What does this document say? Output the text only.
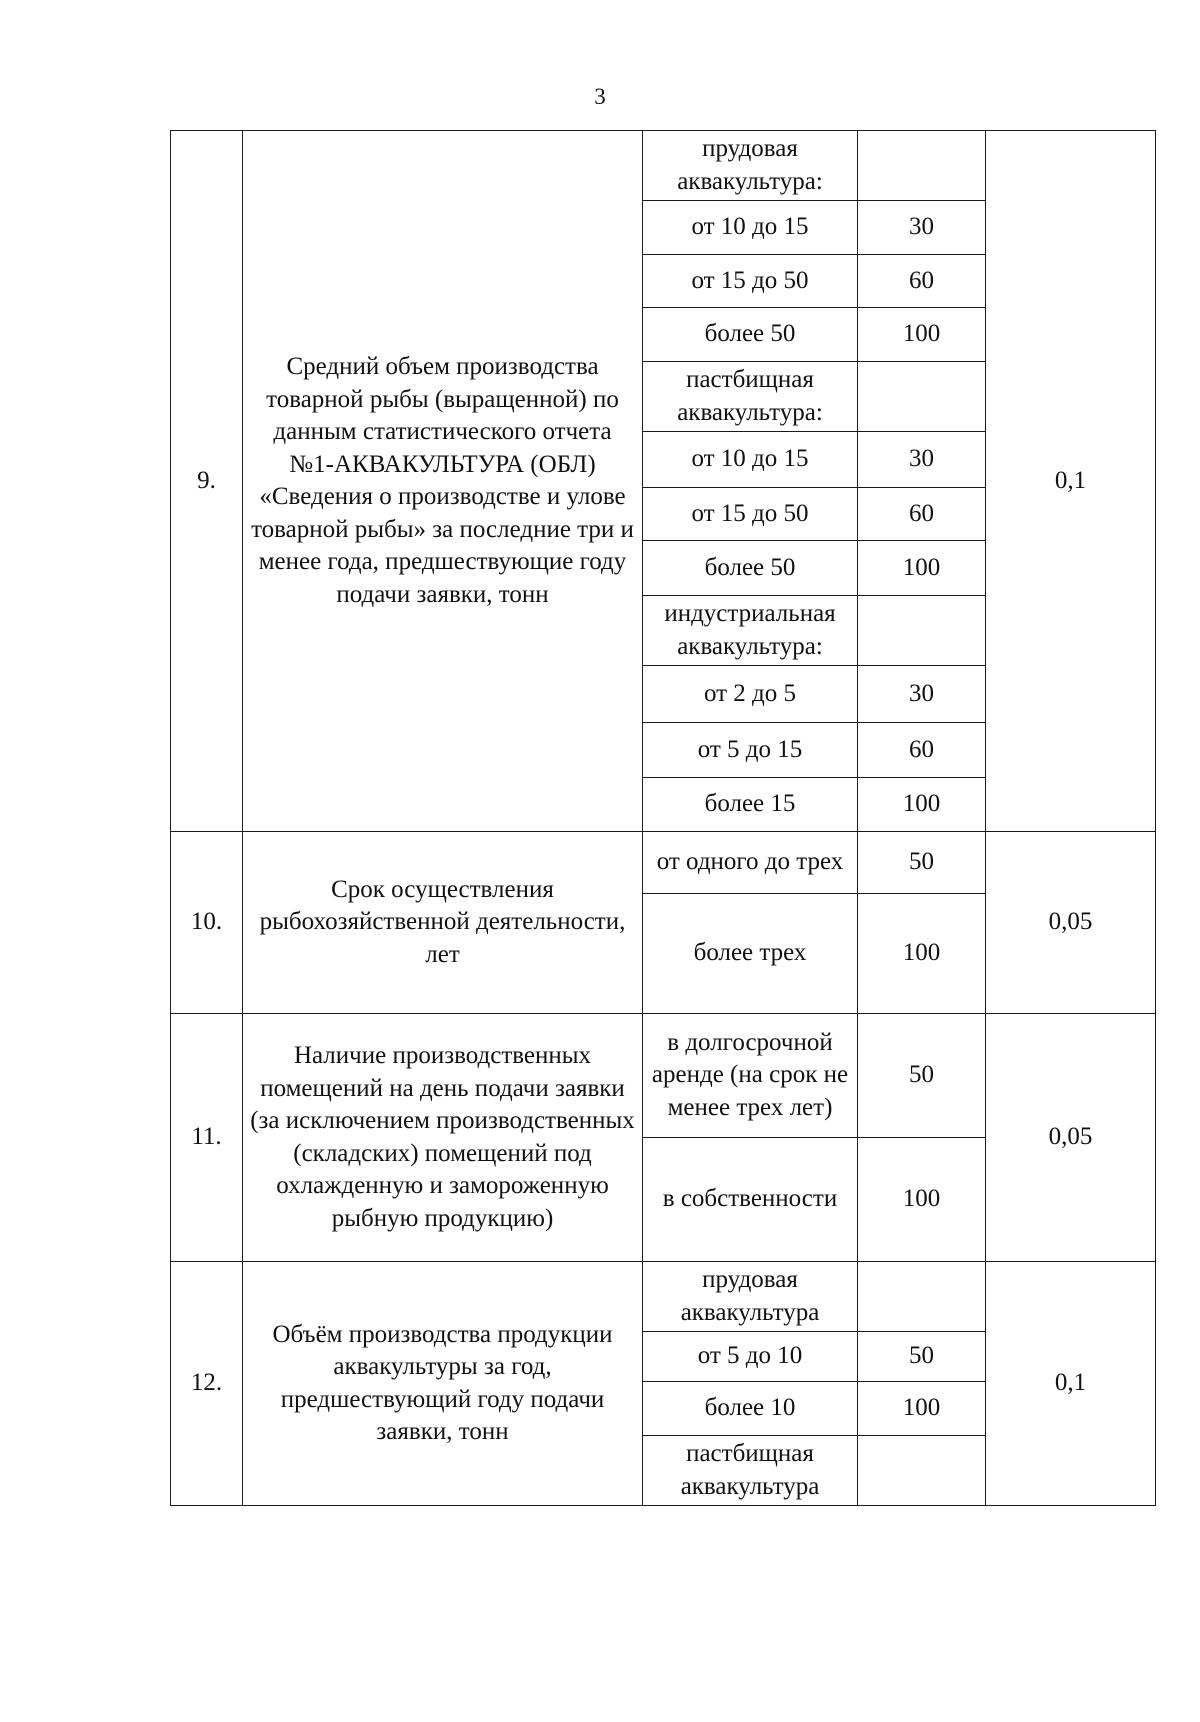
3
9.	Средний объем производства товарной рыбы (выращенной) по данным статистического отчета №1-АКВАКУЛЬТУРА (ОБЛ) «Сведения о производстве и улове товарной рыбы» за последние три и менее года, предшествующие году подачи заявки, тонн	прудовая аквакультура:		0,1
		от 10 до 15	30	
		от 15 до 50	60	
		более 50	100	
		пастбищная аквакультура:		
		от 10 до 15	30	
		от 15 до 50	60	
		более 50	100	
		индустриальная аквакультура:		
		от 2 до 5	30	
		от 5 до 15	60	
		более 15	100	
10.	Срок осуществления рыбохозяйственной деятельности, лет	от одного до трех	50	0,05
		более трех	100	
11.	Наличие производственных помещений на день подачи заявки (за исключением производственных (складских) помещений под охлажденную и замороженную рыбную продукцию)	в долгосрочной аренде (на срок не менее трех лет)	50	0,05
		в собственности	100	
12.	Объём производства продукции аквакультуры за год, предшествующий году подачи заявки, тонн	прудовая аквакультура		0,1
		от 5 до 10	50	
		более 10	100	
		пастбищная аквакультура		
